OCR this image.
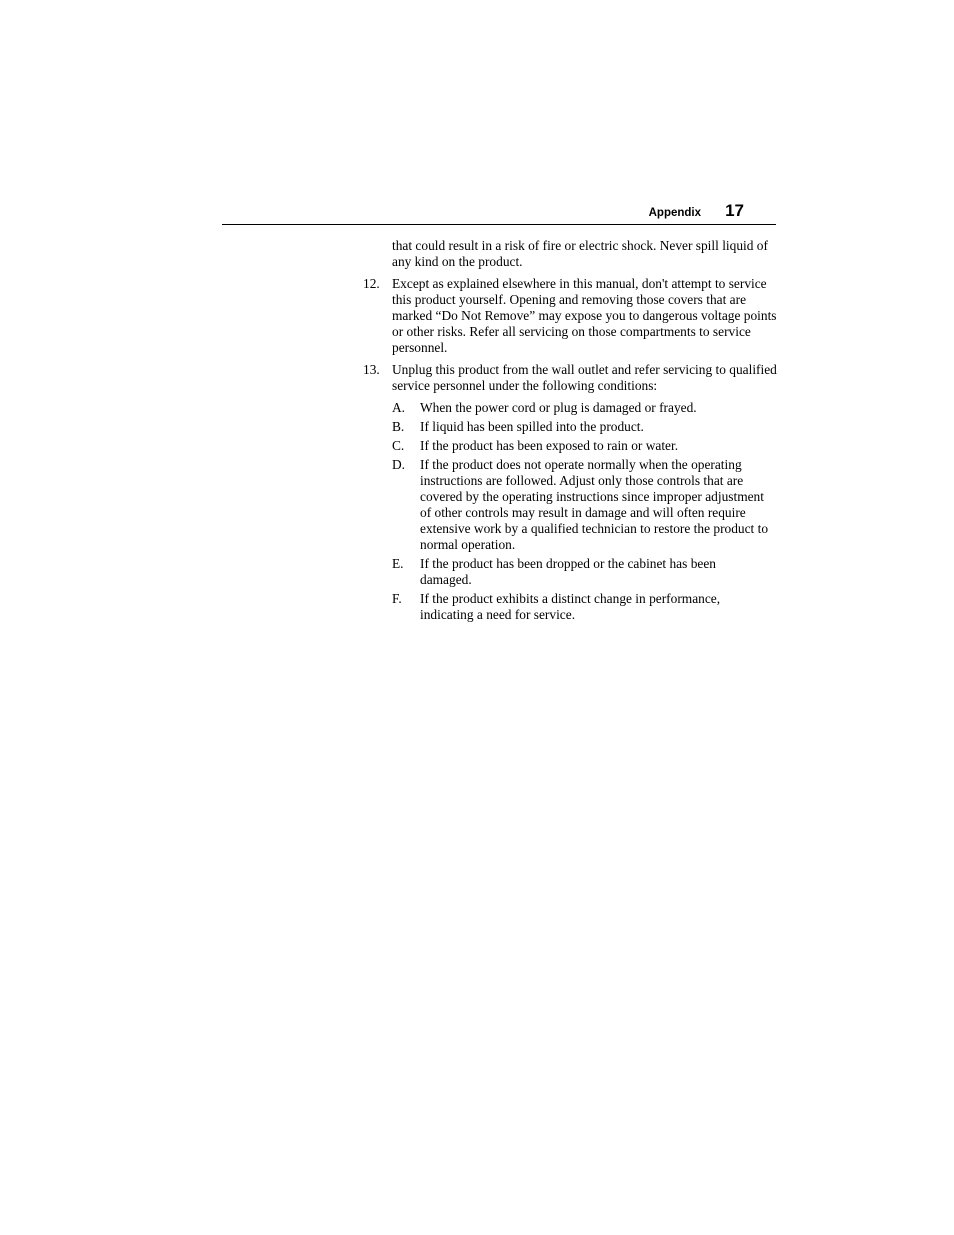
Appendix 17
that could result in a risk of fire or electric shock. Never spill liquid of any kind on the product.
12. Except as explained elsewhere in this manual, don't attempt to service this product yourself. Opening and removing those covers that are marked “Do Not Remove” may expose you to dangerous voltage points or other risks. Refer all servicing on those compartments to service personnel.
13. Unplug this product from the wall outlet and refer servicing to qualified service personnel under the following conditions:
A. When the power cord or plug is damaged or frayed.
B. If liquid has been spilled into the product.
C. If the product has been exposed to rain or water.
D. If the product does not operate normally when the operating instructions are followed. Adjust only those controls that are covered by the operating instructions since improper adjustment of other controls may result in damage and will often require extensive work by a qualified technician to restore the product to normal operation.
E. If the product has been dropped or the cabinet has been damaged.
F. If the product exhibits a distinct change in performance, indicating a need for service.
